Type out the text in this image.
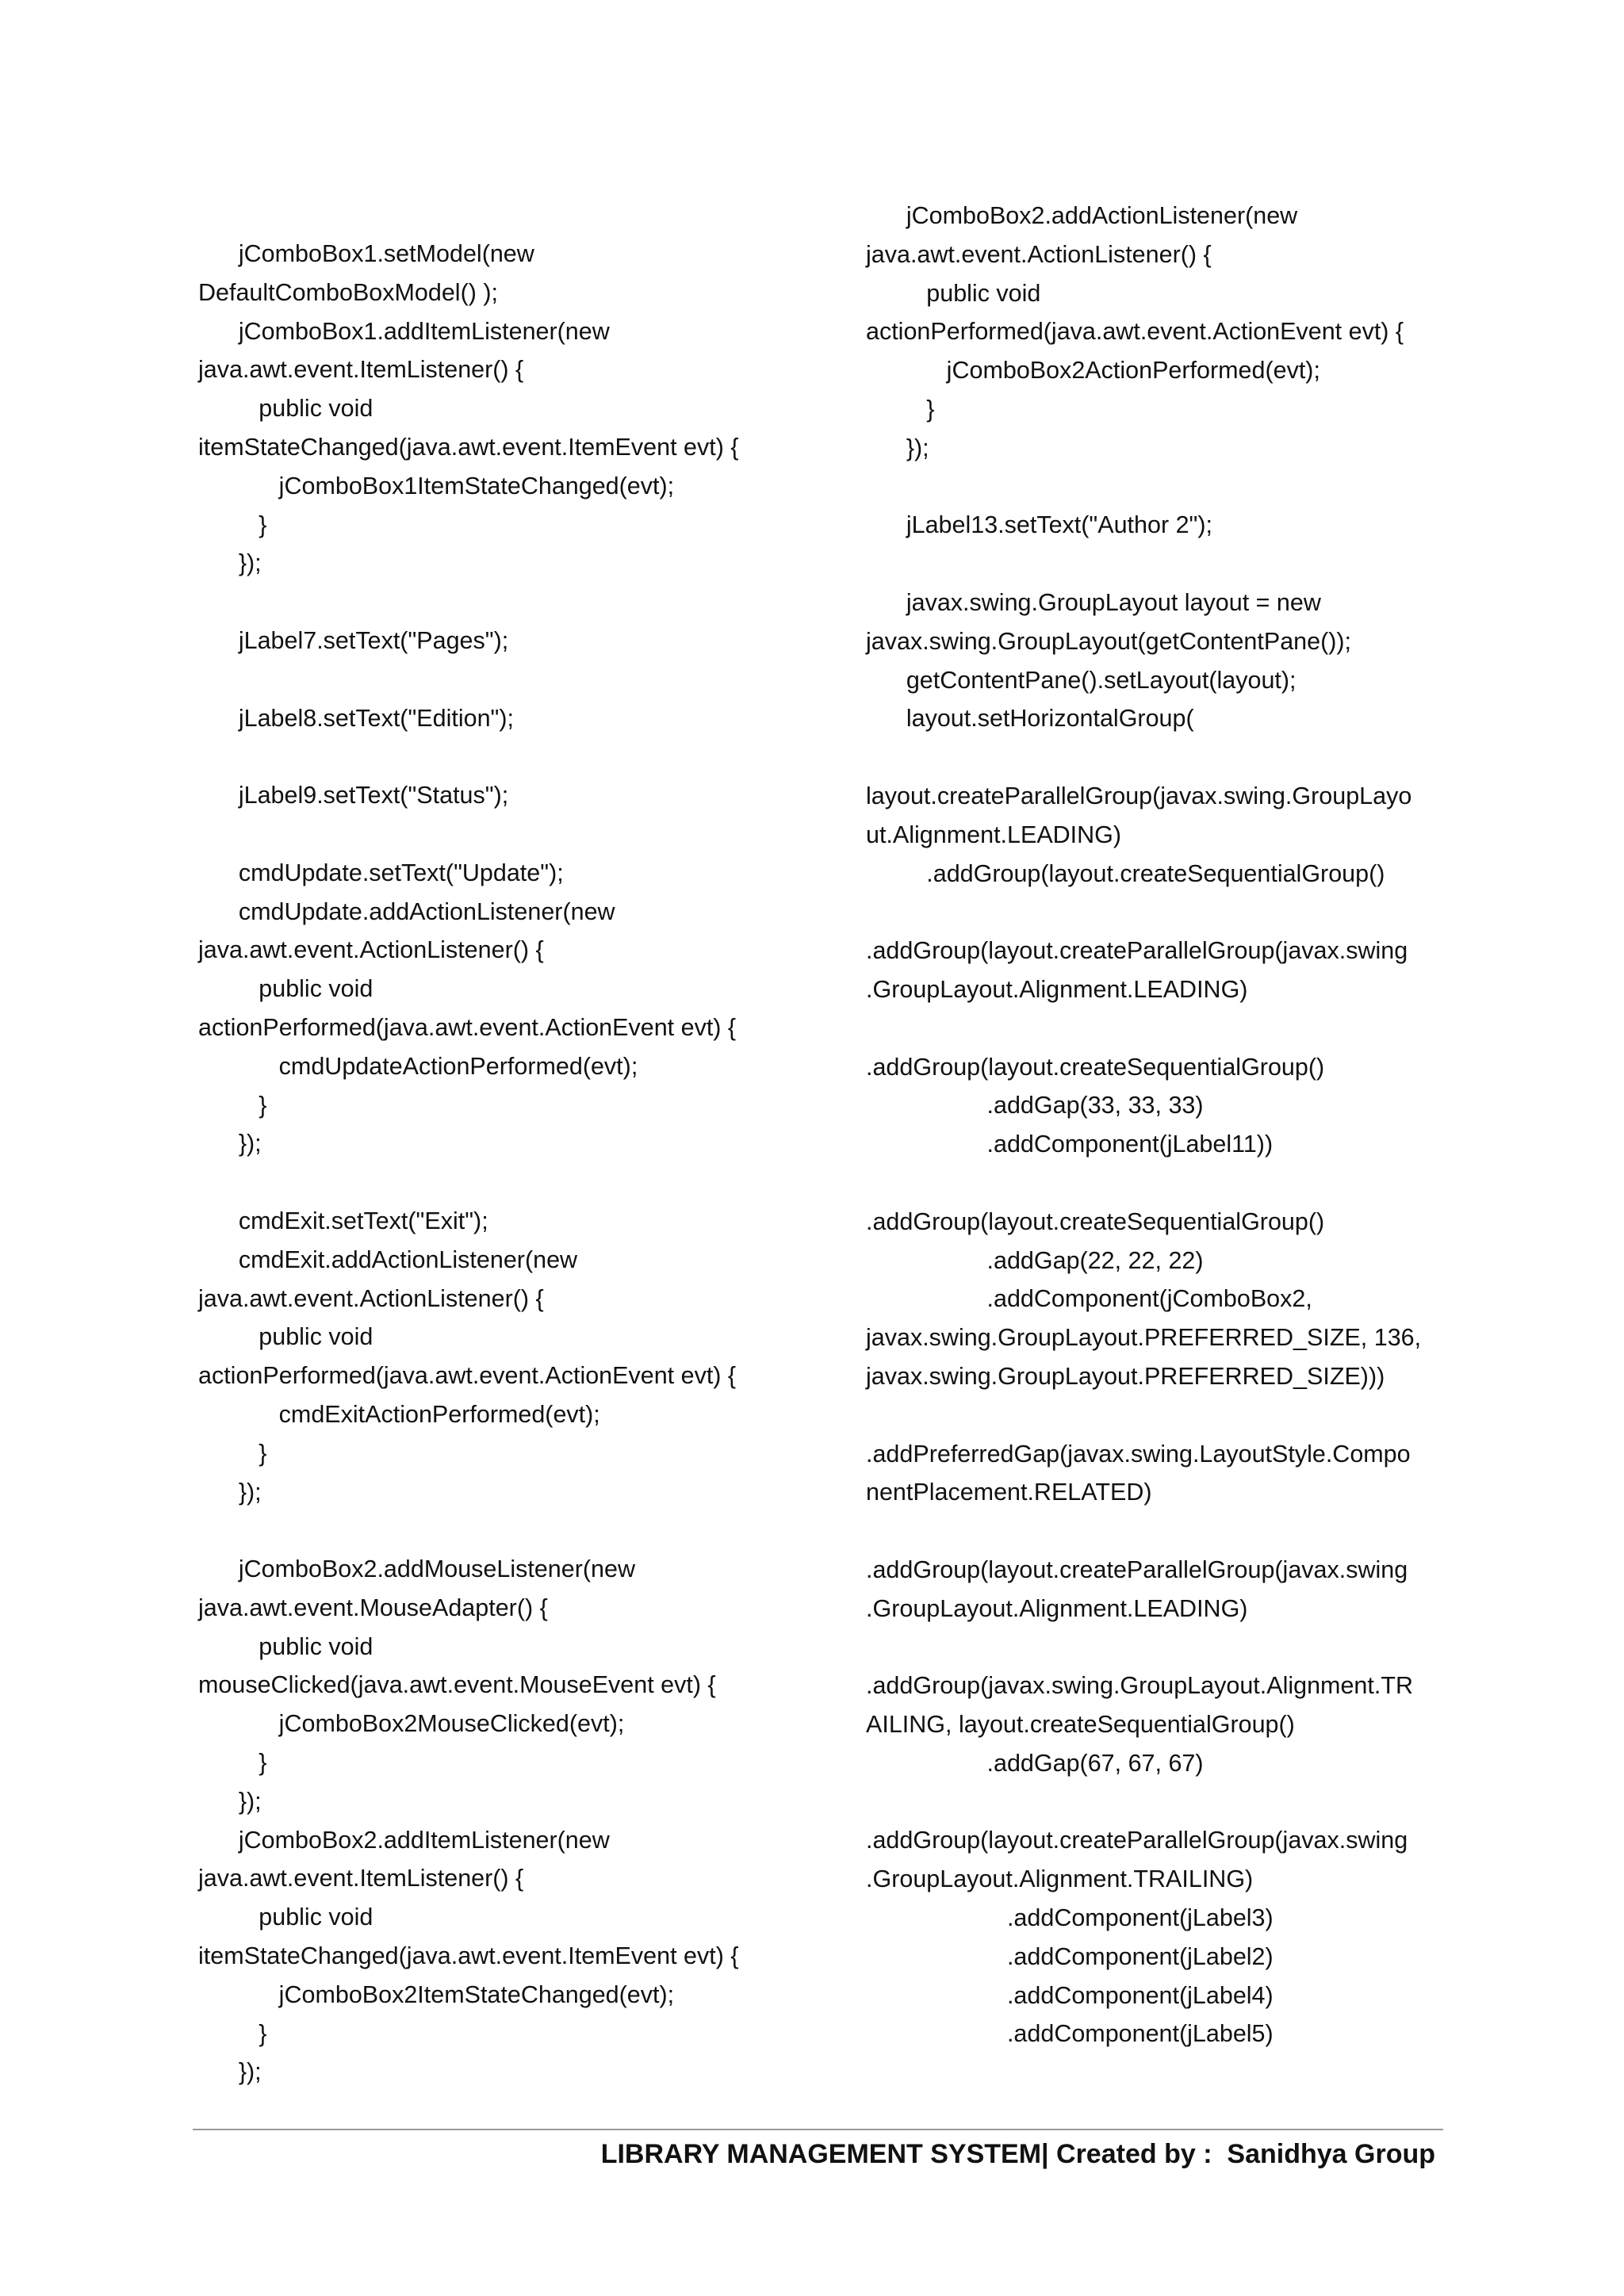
jComboBox1.setModel(new
DefaultComboBoxModel() );
jComboBox1.addItemListener(new
java.awt.event.ItemListener() {
public void
itemStateChanged(java.awt.event.ItemEvent evt) {
jComboBox1ItemStateChanged(evt);
}
});
jLabel7.setText("Pages");
jLabel8.setText("Edition");
jLabel9.setText("Status");
cmdUpdate.setText("Update");
cmdUpdate.addActionListener(new
java.awt.event.ActionListener() {
public void
actionPerformed(java.awt.event.ActionEvent evt) {
cmdUpdateActionPerformed(evt);
}
});
cmdExit.setText("Exit");
cmdExit.addActionListener(new
java.awt.event.ActionListener() {
public void
actionPerformed(java.awt.event.ActionEvent evt) {
cmdExitActionPerformed(evt);
}
});
jComboBox2.addMouseListener(new
java.awt.event.MouseAdapter() {
public void
mouseClicked(java.awt.event.MouseEvent evt) {
jComboBox2MouseClicked(evt);
}
});
jComboBox2.addItemListener(new
java.awt.event.ItemListener() {
public void
itemStateChanged(java.awt.event.ItemEvent evt) {
jComboBox2ItemStateChanged(evt);
}
});
jComboBox2.addActionListener(new
java.awt.event.ActionListener() {
public void
actionPerformed(java.awt.event.ActionEvent evt) {
jComboBox2ActionPerformed(evt);
}
});
jLabel13.setText("Author 2");
javax.swing.GroupLayout layout = new
javax.swing.GroupLayout(getContentPane());
getContentPane().setLayout(layout);
layout.setHorizontalGroup(
layout.createParallelGroup(javax.swing.GroupLayo
ut.Alignment.LEADING)
.addGroup(layout.createSequentialGroup()
.addGroup(layout.createParallelGroup(javax.swing
.GroupLayout.Alignment.LEADING)
.addGroup(layout.createSequentialGroup()
.addGap(33, 33, 33)
.addComponent(jLabel11))
.addGroup(layout.createSequentialGroup()
.addGap(22, 22, 22)
.addComponent(jComboBox2,
javax.swing.GroupLayout.PREFERRED_SIZE, 136,
javax.swing.GroupLayout.PREFERRED_SIZE)))
.addPreferredGap(javax.swing.LayoutStyle.Compo
nentPlacement.RELATED)
.addGroup(layout.createParallelGroup(javax.swing
.GroupLayout.Alignment.LEADING)
.addGroup(javax.swing.GroupLayout.Alignment.TR
AILING, layout.createSequentialGroup()
.addGap(67, 67, 67)
.addGroup(layout.createParallelGroup(javax.swing
.GroupLayout.Alignment.TRAILING)
.addComponent(jLabel3)
.addComponent(jLabel2)
.addComponent(jLabel4)
.addComponent(jLabel5)
LIBRARY MANAGEMENT SYSTEM| Created by :  Sanidhya Group
